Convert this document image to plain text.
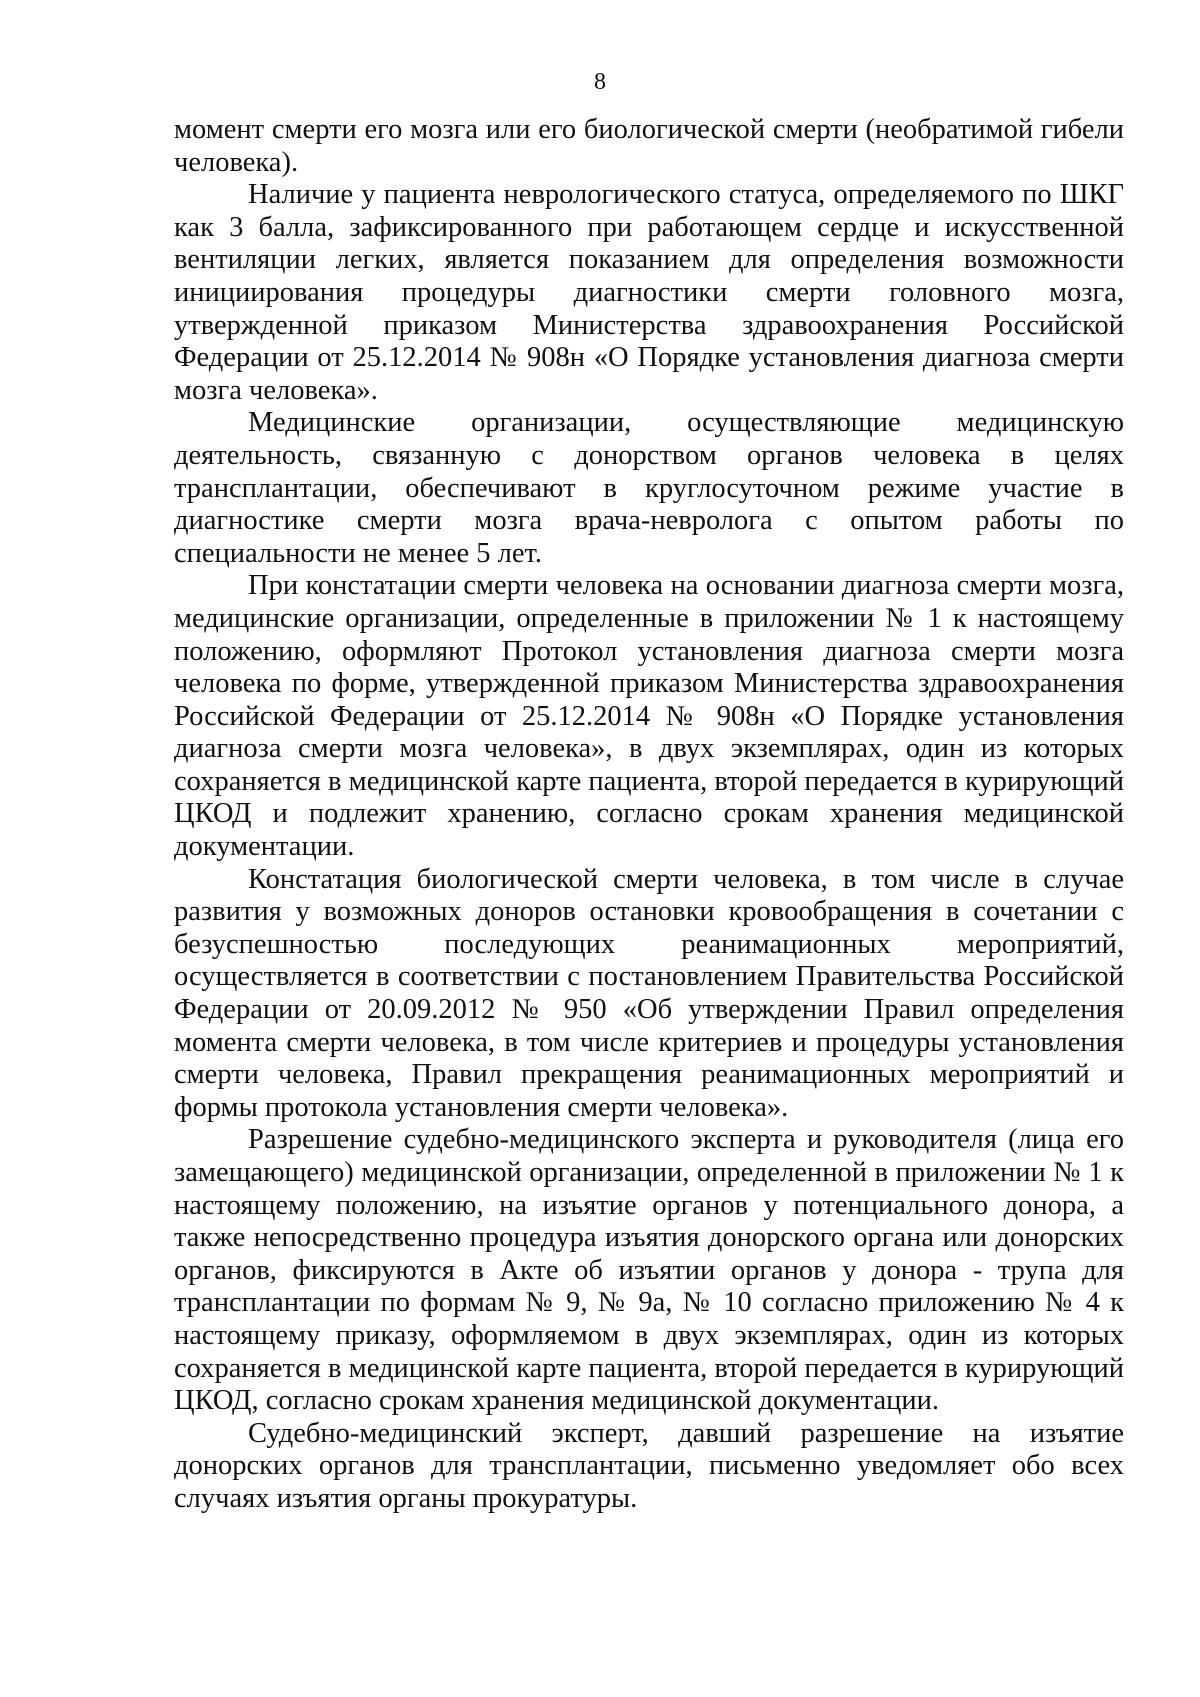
8

момент смерти его мозга или его биологической смерти (необратимой гибели человека).

Наличие у пациента неврологического статуса, определяемого по ШКГ как 3 балла, зафиксированного при работающем сердце и искусственной вентиляции легких, является показанием для определения возможности инициирования процедуры диагностики смерти головного мозга, утвержденной приказом Министерства здравоохранения Российской Федерации от 25.12.2014 № 908н «О Порядке установления диагноза смерти мозга человека».

Медицинские организации, осуществляющие медицинскую деятельность, связанную с донорством органов человека в целях трансплантации, обеспечивают в круглосуточном режиме участие в диагностике смерти мозга врача-невролога с опытом работы по специальности не менее 5 лет.

При констатации смерти человека на основании диагноза смерти мозга, медицинские организации, определенные в приложении № 1 к настоящему положению, оформляют Протокол установления диагноза смерти мозга человека по форме, утвержденной приказом Министерства здравоохранения Российской Федерации от 25.12.2014 № 908н «О Порядке установления диагноза смерти мозга человека», в двух экземплярах, один из которых сохраняется в медицинской карте пациента, второй передается в курирующий ЦКОД и подлежит хранению, согласно срокам хранения медицинской документации.

Констатация биологической смерти человека, в том числе в случае развития у возможных доноров остановки кровообращения в сочетании с безуспешностью последующих реанимационных мероприятий, осуществляется в соответствии с постановлением Правительства Российской Федерации от 20.09.2012 № 950 «Об утверждении Правил определения момента смерти человека, в том числе критериев и процедуры установления смерти человека, Правил прекращения реанимационных мероприятий и формы протокола установления смерти человека».

Разрешение судебно-медицинского эксперта и руководителя (лица его замещающего) медицинской организации, определенной в приложении № 1 к настоящему положению, на изъятие органов у потенциального донора, а также непосредственно процедура изъятия донорского органа или донорских органов, фиксируются в Акте об изъятии органов у донора - трупа для трансплантации по формам № 9, № 9а, № 10 согласно приложению № 4 к настоящему приказу, оформляемом в двух экземплярах, один из которых сохраняется в медицинской карте пациента, второй передается в курирующий ЦКОД, согласно срокам хранения медицинской документации.

Судебно-медицинский эксперт, давший разрешение на изъятие донорских органов для трансплантации, письменно уведомляет обо всех случаях изъятия органы прокуратуры.
